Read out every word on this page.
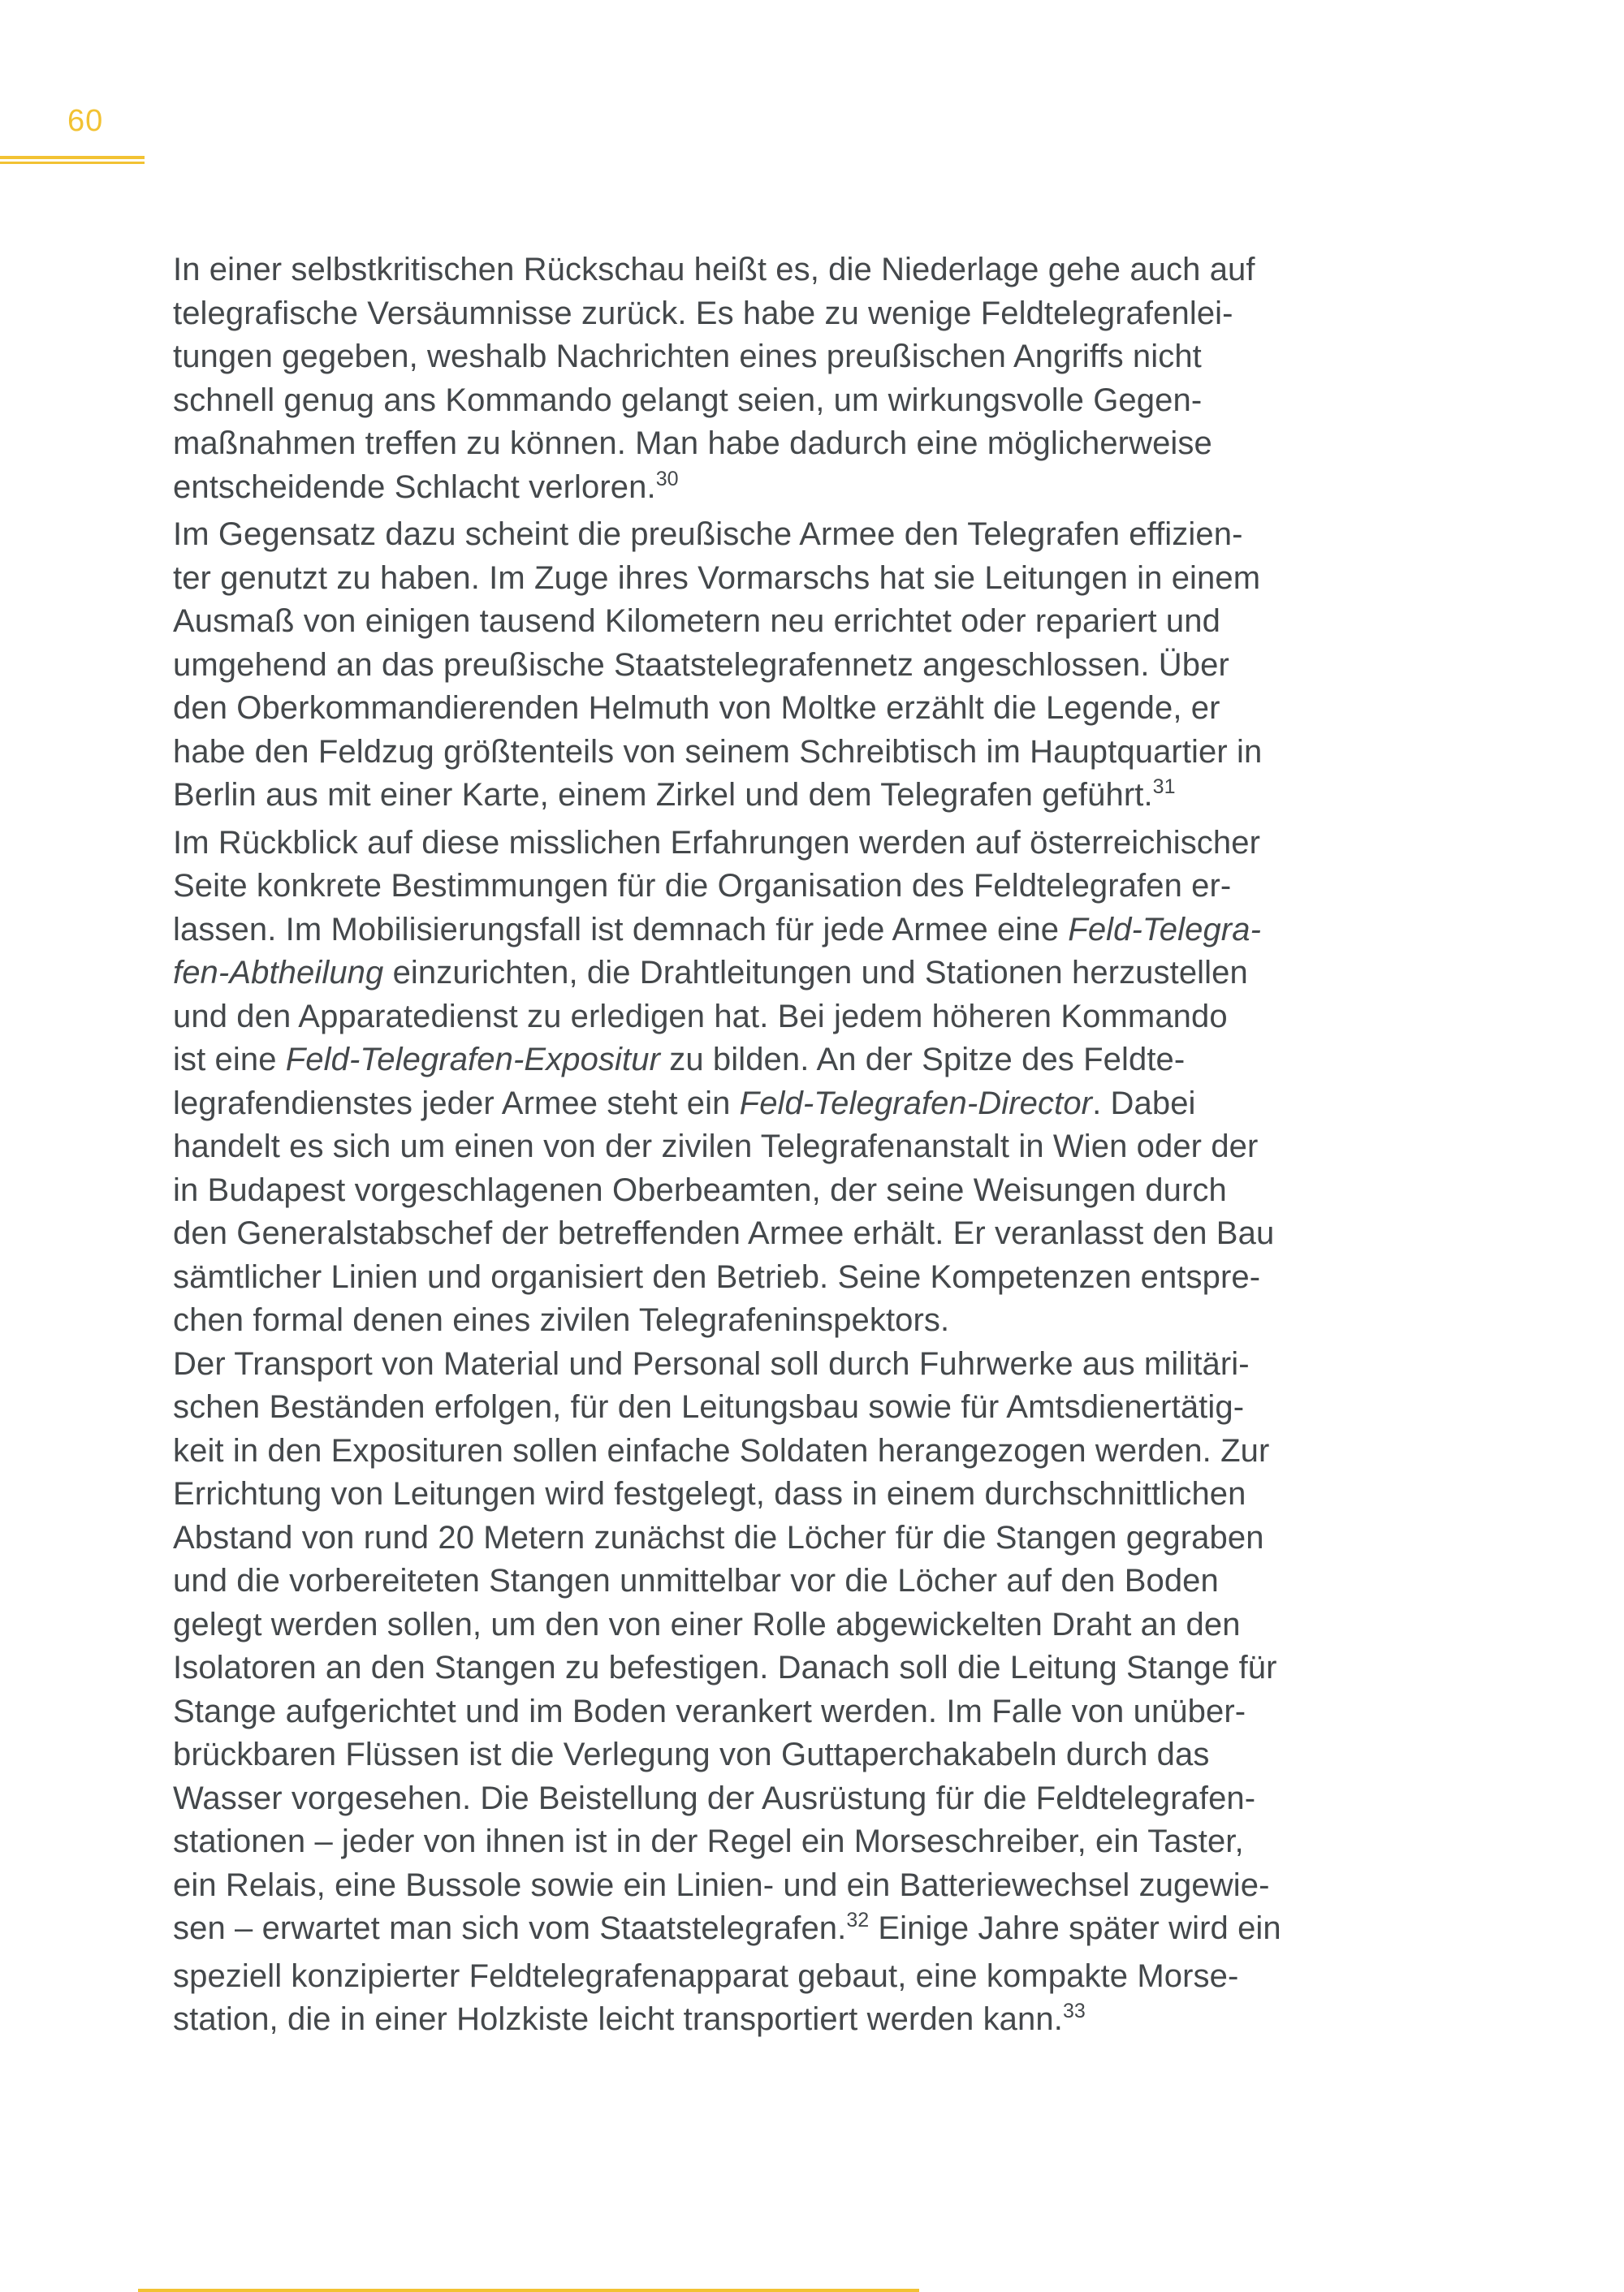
60
In einer selbstkritischen Rückschau heißt es, die Niederlage gehe auch auf
telegrafische Versäumnisse zurück. Es habe zu wenige Feldtelegrafenlei-
tungen gegeben, weshalb Nachrichten eines preußischen Angriffs nicht
schnell genug ans Kommando gelangt seien, um wirkungsvolle Gegen-
maßnahmen treffen zu können. Man habe dadurch eine möglicherweise
entscheidende Schlacht verloren.$^{30}$
Im Gegensatz dazu scheint die preußische Armee den Telegrafen effizien-
ter genutzt zu haben. Im Zuge ihres Vormarschs hat sie Leitungen in einem
Ausmaß von einigen tausend Kilometern neu errichtet oder repariert und
umgehend an das preußische Staatstelegrafennetz angeschlossen. Über
den Oberkommandierenden Helmuth von Moltke erzählt die Legende, er
habe den Feldzug größtenteils von seinem Schreibtisch im Hauptquartier in
Berlin aus mit einer Karte, einem Zirkel und dem Telegrafen geführt.$^{31}$
Im Rückblick auf diese misslichen Erfahrungen werden auf österreichischer
Seite konkrete Bestimmungen für die Organisation des Feldtelegrafen er-
lassen. Im Mobilisierungsfall ist demnach für jede Armee eine Feld-Telegra-
fen-Abtheilung einzurichten, die Drahtleitungen und Stationen herzustellen
und den Apparatedienst zu erledigen hat. Bei jedem höheren Kommando
ist eine Feld-Telegrafen-Expositur zu bilden. An der Spitze des Feldte-
legrafendienstes jeder Armee steht ein Feld-Telegrafen-Director. Dabei
handelt es sich um einen von der zivilen Telegrafenanstalt in Wien oder der
in Budapest vorgeschlagenen Oberbeamten, der seine Weisungen durch
den Generalstabschef der betreffenden Armee erhält. Er veranlasst den Bau
sämtlicher Linien und organisiert den Betrieb. Seine Kompetenzen entspre-
chen formal denen eines zivilen Telegrafeninspektors.
Der Transport von Material und Personal soll durch Fuhrwerke aus militäri-
schen Beständen erfolgen, für den Leitungsbau sowie für Amtsdienertätig-
keit in den Exposituren sollen einfache Soldaten herangezogen werden. Zur
Errichtung von Leitungen wird festgelegt, dass in einem durchschnittlichen
Abstand von rund 20 Metern zunächst die Löcher für die Stangen gegraben
und die vorbereiteten Stangen unmittelbar vor die Löcher auf den Boden
gelegt werden sollen, um den von einer Rolle abgewickelten Draht an den
Isolatoren an den Stangen zu befestigen. Danach soll die Leitung Stange für
Stange aufgerichtet und im Boden verankert werden. Im Falle von unüber-
brückbaren Flüssen ist die Verlegung von Guttaperchakabeln durch das
Wasser vorgesehen. Die Beistellung der Ausrüstung für die Feldtelegrafen-
stationen – jeder von ihnen ist in der Regel ein Morseschreiber, ein Taster,
ein Relais, eine Bussole sowie ein Linien- und ein Batteriewechsel zugewie-
sen – erwartet man sich vom Staatstelegrafen.$^{32}$ Einige Jahre später wird ein
speziell konzipierter Feldtelegrafenapparat gebaut, eine kompakte Morse-
station, die in einer Holzkiste leicht transportiert werden kann.$^{33}$
